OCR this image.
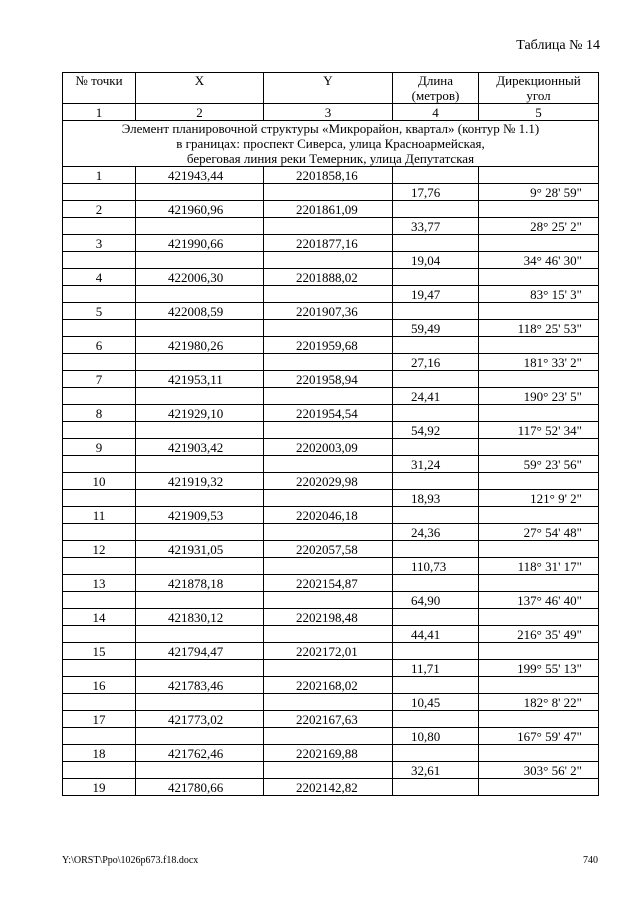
Таблица № 14
№ точки	X	Y	Длина (метров)	Дирекционный угол
1	2	3	4	5

Элемент планировочной структуры «Микрорайон, квартал» (контур № 1.1)
в границах: проспект Сиверса, улица Красноармейская,
береговая линия реки Темерник, улица Депутатская				

1	421943,44	2201858,16		
			17,76	9° 28' 59"
2	421960,96	2201861,09		
			33,77	28° 25' 2"
3	421990,66	2201877,16		
			19,04	34° 46' 30"
4	422006,30	2201888,02		
			19,47	83° 15' 3"
5	422008,59	2201907,36		
			59,49	118° 25' 53"
6	421980,26	2201959,68		
			27,16	181° 33' 2"
7	421953,11	2201958,94		
			24,41	190° 23' 5"
8	421929,10	2201954,54		
			54,92	117° 52' 34"
9	421903,42	2202003,09		
			31,24	59° 23' 56"
10	421919,32	2202029,98		
			18,93	121° 9' 2"
11	421909,53	2202046,18		
			24,36	27° 54' 48"
12	421931,05	2202057,58		
			110,73	118° 31' 17"
13	421878,18	2202154,87		
			64,90	137° 46' 40"
14	421830,12	2202198,48		
			44,41	216° 35' 49"
15	421794,47	2202172,01		
			11,71	199° 55' 13"
16	421783,46	2202168,02		
			10,45	182° 8' 22"
17	421773,02	2202167,63		
			10,80	167° 59' 47"
18	421762,46	2202169,88		
			32,61	303° 56' 2"
19	421780,66	2202142,82		
Y:\ORST\Ppo\1026p673.f18.docx	740
